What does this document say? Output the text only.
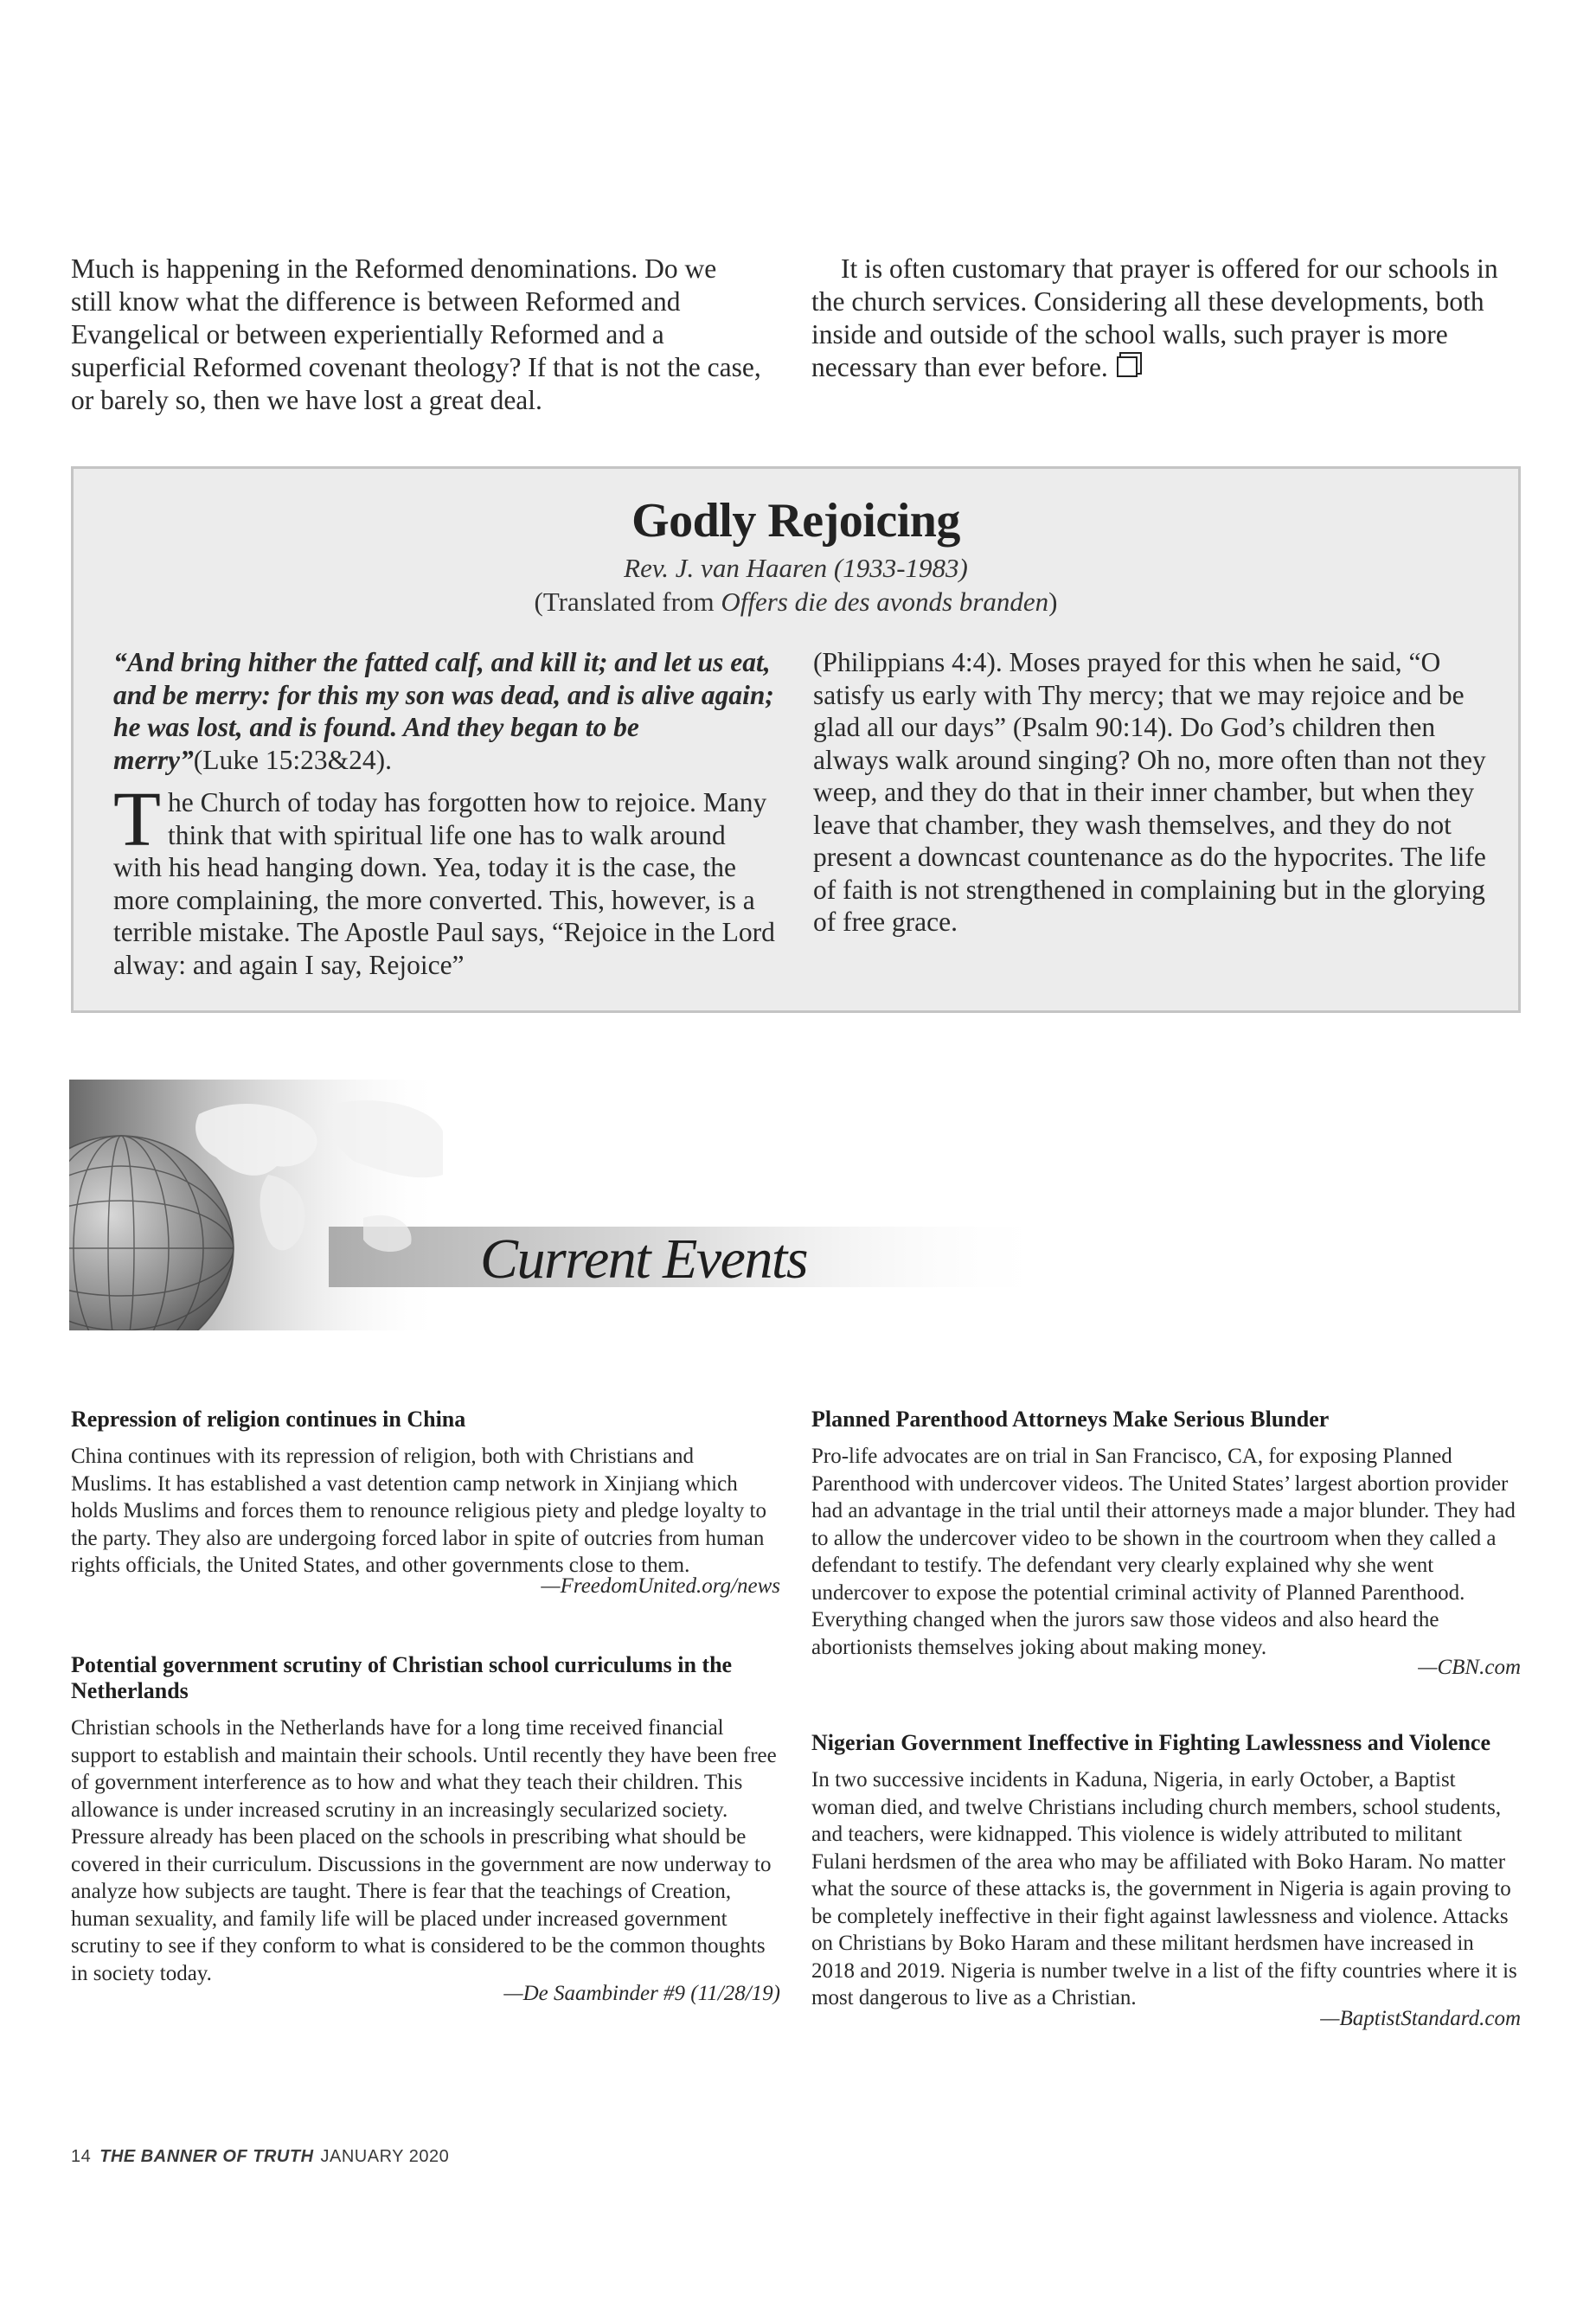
Much is happening in the Reformed denominations. Do we still know what the difference is between Reformed and Evangelical or between experientially Reformed and a superficial Reformed covenant theology? If that is not the case, or barely so, then we have lost a great deal.

It is often customary that prayer is offered for our schools in the church services. Considering all these developments, both inside and outside of the school walls, such prayer is more necessary than ever before.

Godly Rejoicing
Rev. J. van Haaren (1933-1983)
(Translated from Offers die des avonds branden)

“And bring hither the fatted calf, and kill it; and let us eat, and be merry: for this my son was dead, and is alive again; he was lost, and is found. And they began to be merry”(Luke 15:23&24).

The Church of today has forgotten how to rejoice. Many think that with spiritual life one has to walk around with his head hanging down. Yea, today it is the case, the more complaining, the more converted. This, however, is a terrible mistake. The Apostle Paul says, “Rejoice in the Lord alway: and again I say, Rejoice”

(Philippians 4:4). Moses prayed for this when he said, “O satisfy us early with Thy mercy; that we may rejoice and be glad all our days” (Psalm 90:14). Do God’s children then always walk around singing? Oh no, more often than not they weep, and they do that in their inner chamber, but when they leave that chamber, they wash themselves, and they do not present a downcast countenance as do the hypocrites. The life of faith is not strengthened in complaining but in the glorying of free grace.

Current Events

Repression of religion continues in China

China continues with its repression of religion, both with Christians and Muslims. It has established a vast detention camp network in Xinjiang which holds Muslims and forces them to renounce religious piety and pledge loyalty to the party. They also are undergoing forced labor in spite of outcries from human rights officials, the United States, and other governments close to them.

—FreedomUnited.org/news

Potential government scrutiny of Christian school curriculums in the Netherlands

Christian schools in the Netherlands have for a long time received financial support to establish and maintain their schools. Until recently they have been free of government interference as to how and what they teach their children. This allowance is under increased scrutiny in an increasingly secularized society. Pressure already has been placed on the schools in prescribing what should be covered in their curriculum. Discussions in the government are now underway to analyze how subjects are taught. There is fear that the teachings of Creation, human sexuality, and family life will be placed under increased government scrutiny to see if they conform to what is considered to be the common thoughts in society today.

—De Saambinder #9 (11/28/19)

Planned Parenthood Attorneys Make Serious Blunder

Pro-life advocates are on trial in San Francisco, CA, for exposing Planned Parenthood with undercover videos. The United States’ largest abortion provider had an advantage in the trial until their attorneys made a major blunder. They had to allow the undercover video to be shown in the courtroom when they called a defendant to testify. The defendant very clearly explained why she went undercover to expose the potential criminal activity of Planned Parenthood. Everything changed when the jurors saw those videos and also heard the abortionists themselves joking about making money.

—CBN.com

Nigerian Government Ineffective in Fighting Lawlessness and Violence

In two successive incidents in Kaduna, Nigeria, in early October, a Baptist woman died, and twelve Christians including church members, school students, and teachers, were kidnapped. This violence is widely attributed to militant Fulani herdsmen of the area who may be affiliated with Boko Haram. No matter what the source of these attacks is, the government in Nigeria is again proving to be completely ineffective in their fight against lawlessness and violence. Attacks on Christians by Boko Haram and these militant herdsmen have increased in 2018 and 2019. Nigeria is number twelve in a list of the fifty countries where it is most dangerous to live as a Christian.

—BaptistStandard.com

14 THE BANNER OF TRUTH JANUARY 2020
